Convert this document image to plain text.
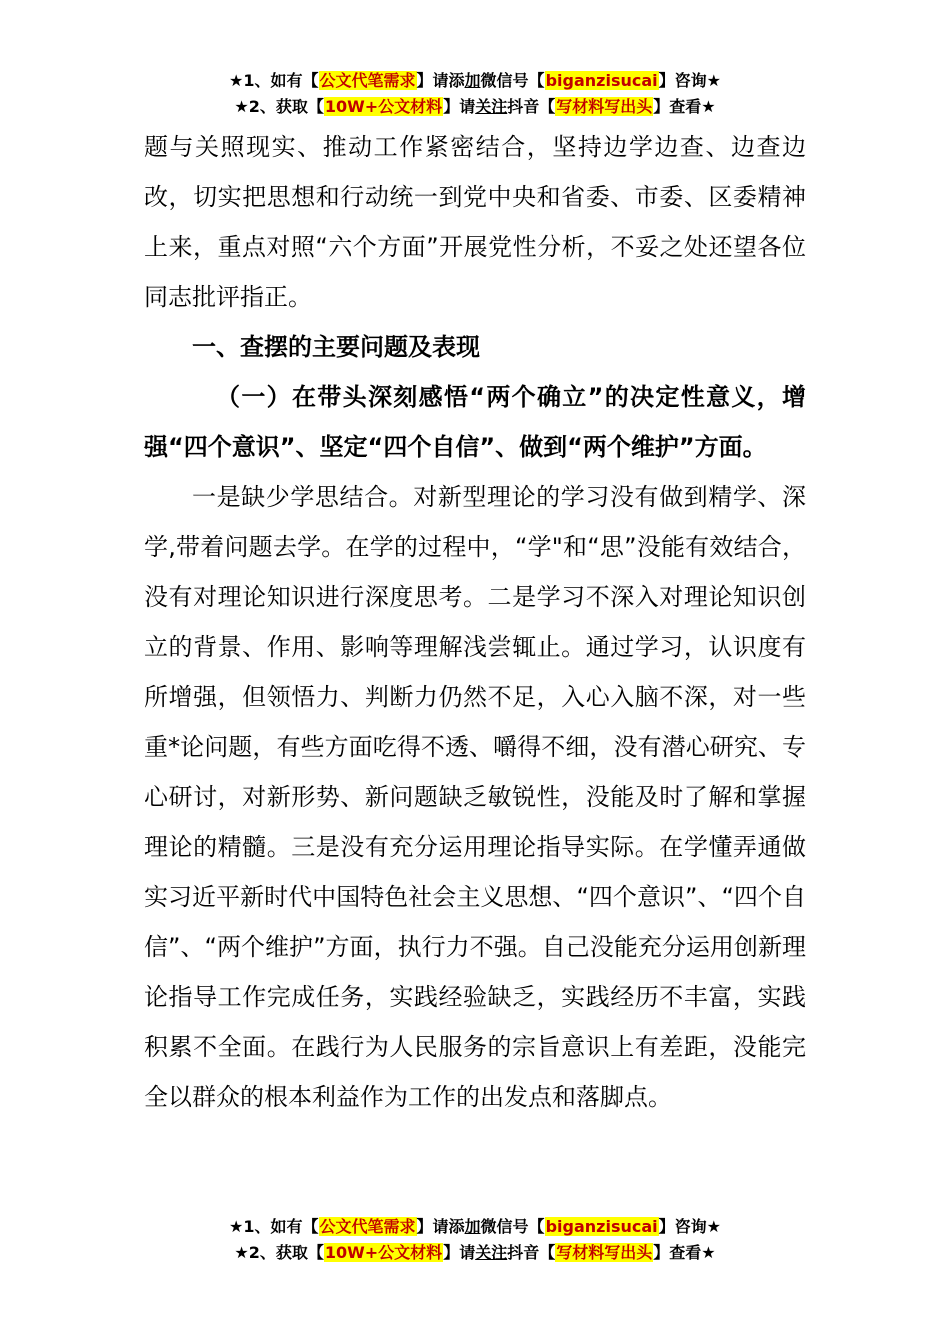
★1、如有【公文代笔需求】请添加微信号【biganzisucai】咨询★
★2、获取【10W+公文材料】请关注抖音【写材料写出头】查看★

题与关照现实、推动工作紧密结合，坚持边学边查、边查边改，切实把思想和行动统一到党中央和省委、市委、区委精神上来，重点对照“六个方面”开展党性分析，不妥之处还望各位同志批评指正。

一、查摆的主要问题及表现

（一）在带头深刻感悟“两个确立”的决定性意义，增强“四个意识”、坚定“四个自信”、做到“两个维护”方面。

一是缺少学思结合。对新型理论的学习没有做到精学、深学,带着问题去学。在学的过程中，“学"和“思”没能有效结合，没有对理论知识进行深度思考。二是学习不深入对理论知识创立的背景、作用、影响等理解浅尝辄止。通过学习，认识度有所增强，但领悟力、判断力仍然不足，入心入脑不深，对一些重*论问题，有些方面吃得不透、嚼得不细，没有潜心研究、专心研讨，对新形势、新问题缺乏敏锐性，没能及时了解和掌握理论的精髓。三是没有充分运用理论指导实际。在学懂弄通做实习近平新时代中国特色社会主义思想、“四个意识”、“四个自信”、“两个维护”方面，执行力不强。自己没能充分运用创新理论指导工作完成任务，实践经验缺乏，实践经历不丰富，实践积累不全面。在践行为人民服务的宗旨意识上有差距，没能完全以群众的根本利益作为工作的出发点和落脚点。

★1、如有【公文代笔需求】请添加微信号【biganzisucai】咨询★
★2、获取【10W+公文材料】请关注抖音【写材料写出头】查看★
